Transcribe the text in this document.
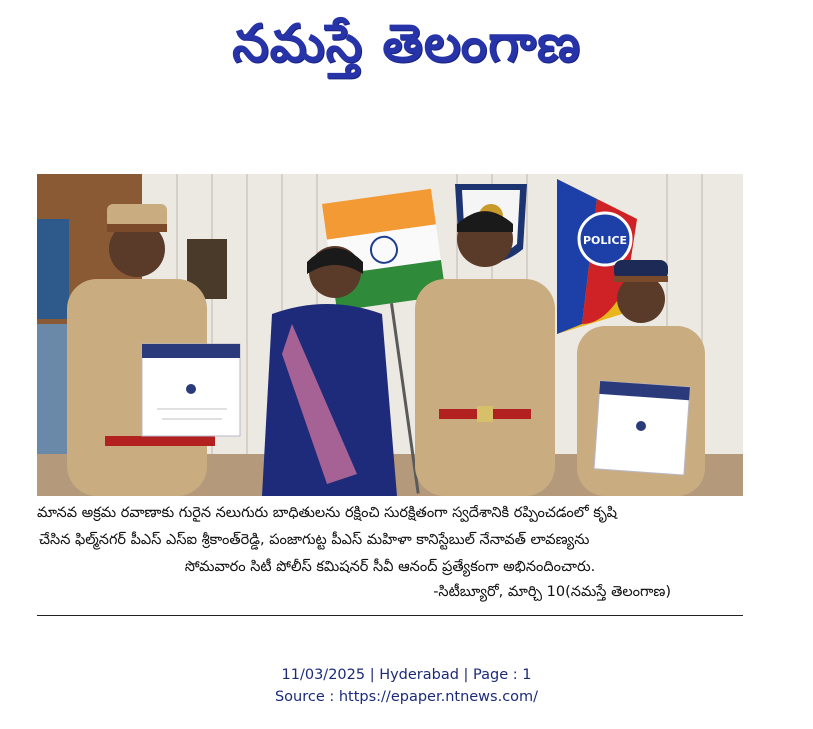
నమస్తే తెలంగాణ
POLICE
మానవ అక్రమ రవాణాకు గురైన నలుగురు బాధితులను రక్షించి సురక్షితంగా స్వదేశానికి రప్పించడంలో కృషి
చేసిన ఫిల్మ్‌నగర్ పీఎస్ ఎస్ఐ శ్రీకాంత్‌రెడ్డి, పంజాగుట్ట పీఎస్ మహిళా కానిస్టేబుల్ నేనావత్ లావణ్యను
సోమవారం సిటీ పోలీస్ కమిషనర్ సీవీ ఆనంద్ ప్రత్యేకంగా అభినందించారు.
-సిటీబ్యూరో, మార్చి 10(నమస్తే తెలంగాణ)
11/03/2025 | Hyderabad | Page : 1
Source : https://epaper.ntnews.com/
